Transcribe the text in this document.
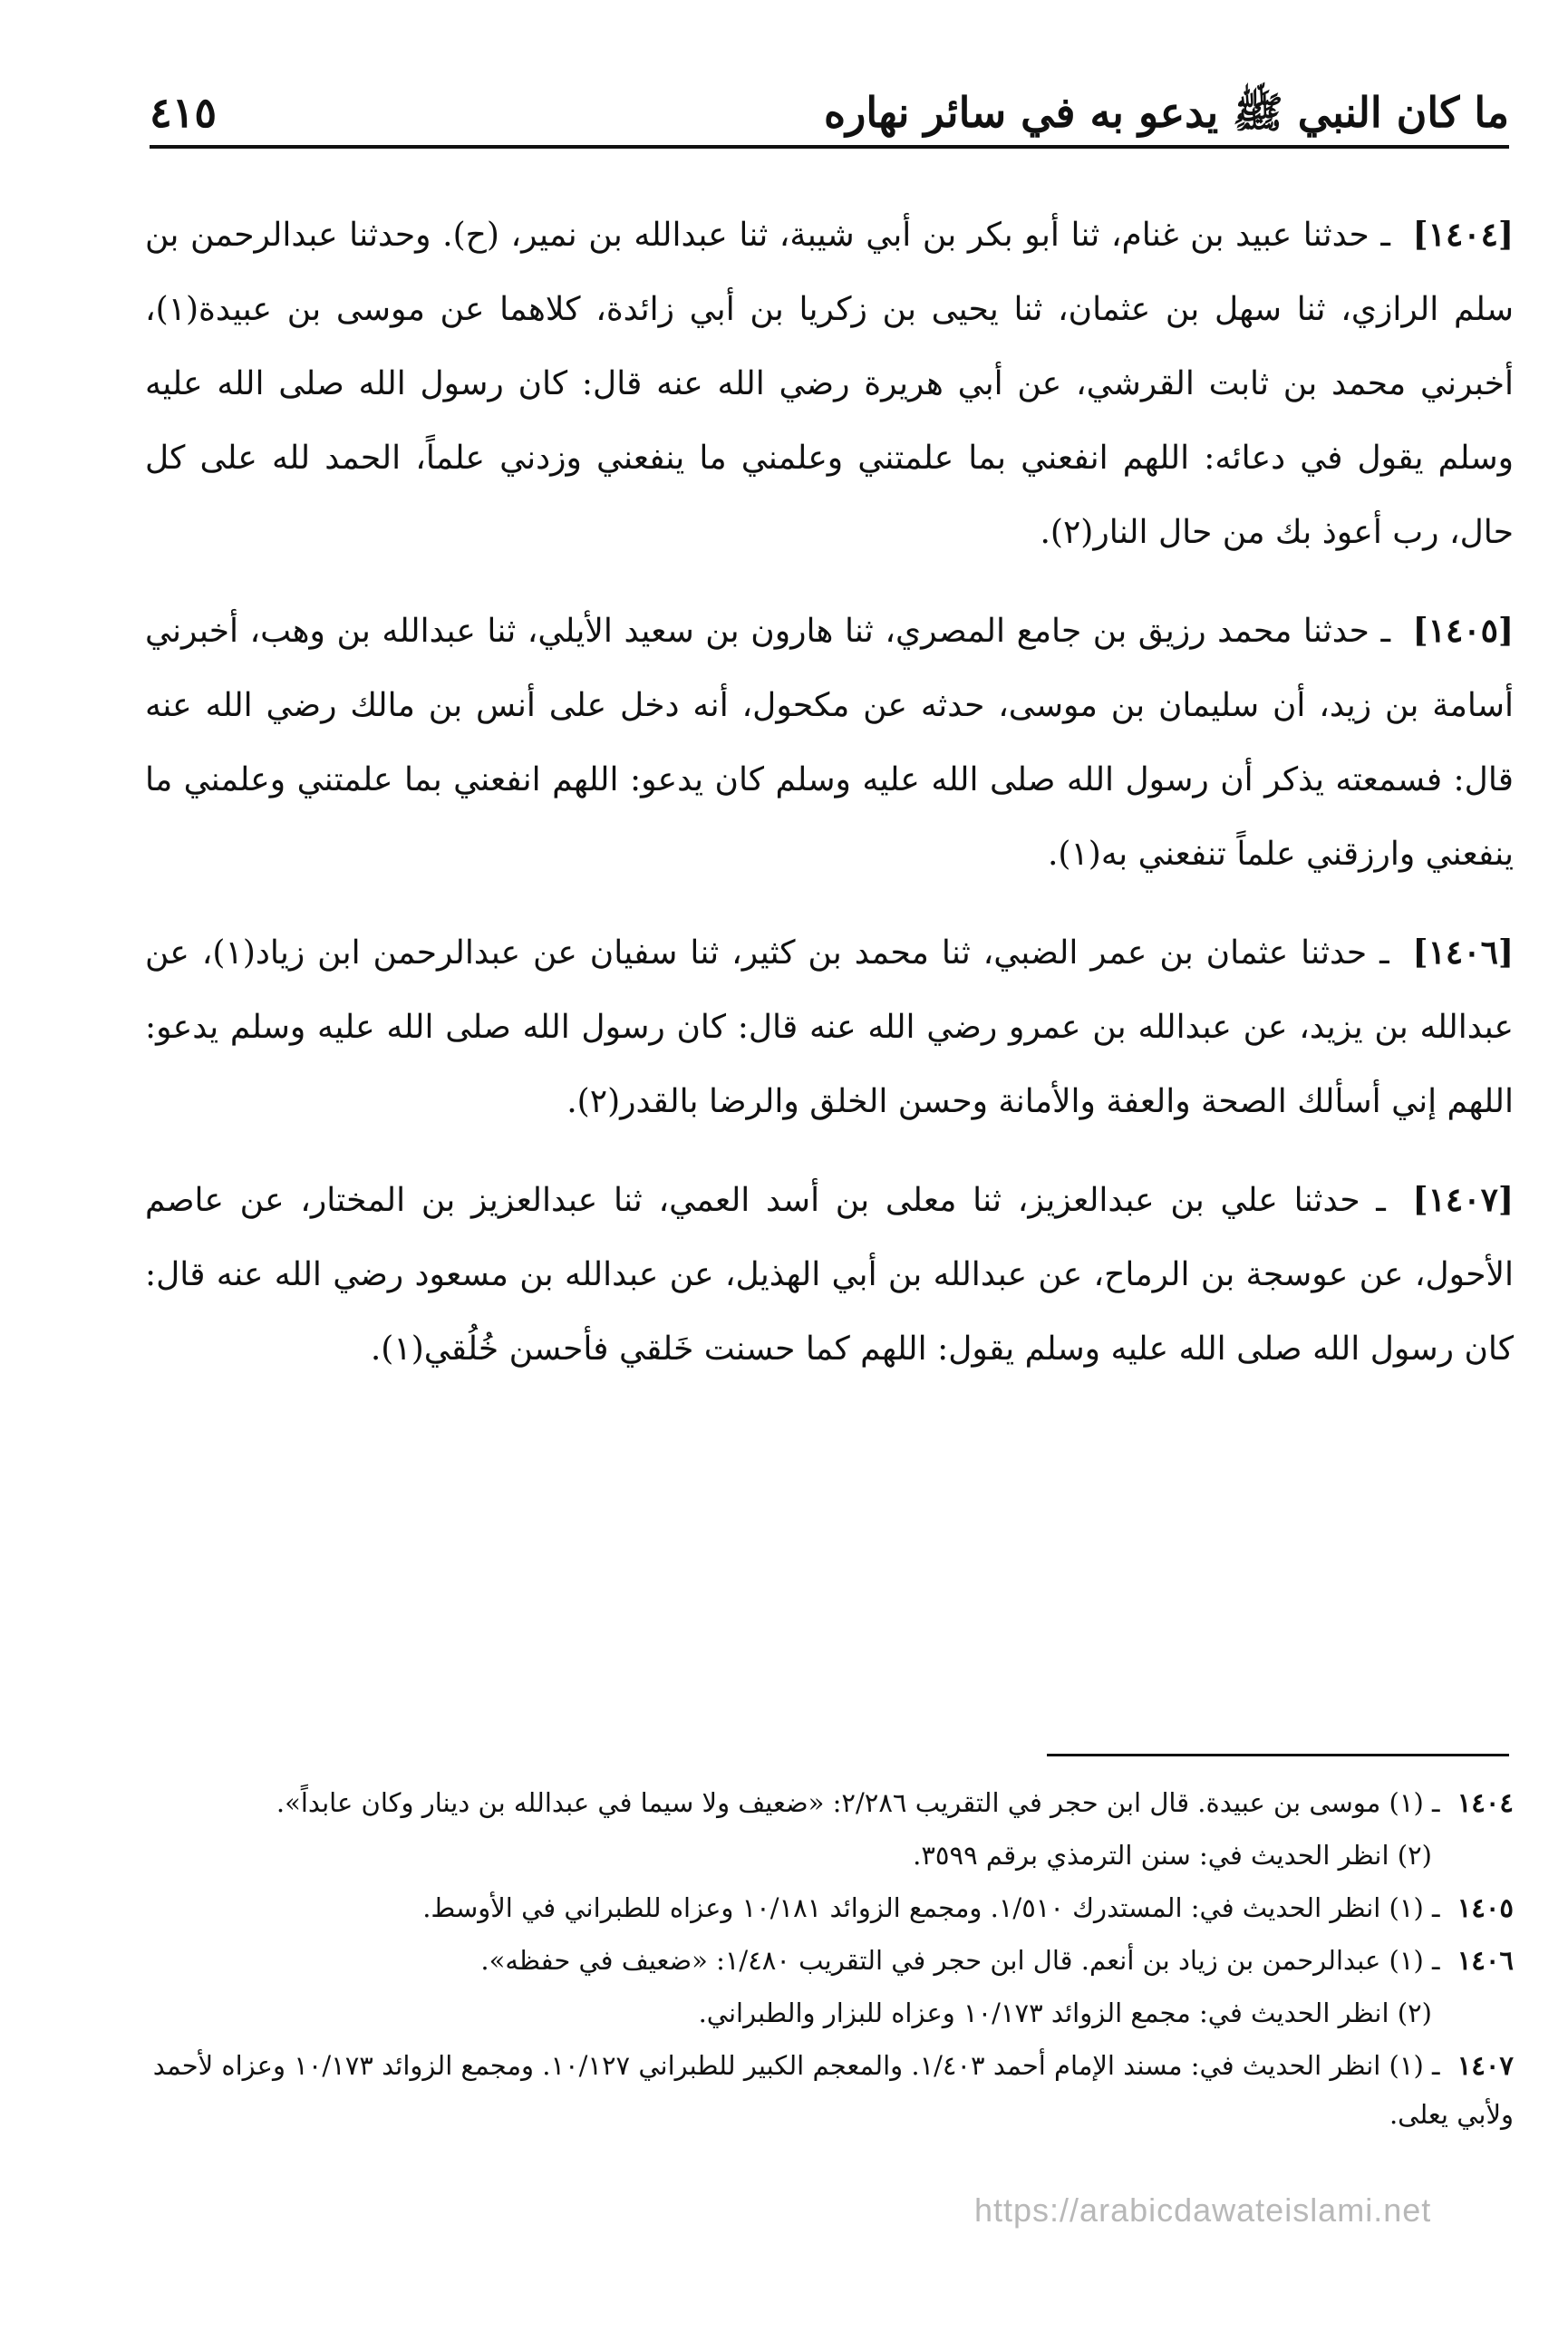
ما كان النبي ﷺ يدعو به في سائر نهاره
٤١٥

[١٤٠٤] ـ حدثنا عبيد بن غنام، ثنا أبو بكر بن أبي شيبة، ثنا عبدالله بن نمير، (ح). وحدثنا عبدالرحمن بن سلم الرازي، ثنا سهل بن عثمان، ثنا يحيى بن زكريا بن أبي زائدة، كلاهما عن موسى بن عبيدة(١)، أخبرني محمد بن ثابت القرشي، عن أبي هريرة رضي الله عنه قال: كان رسول الله صلى الله عليه وسلم يقول في دعائه: اللهم انفعني بما علمتني وعلمني ما ينفعني وزدني علماً، الحمد لله على كل حال، رب أعوذ بك من حال النار(٢).

[١٤٠٥] ـ حدثنا محمد رزيق بن جامع المصري، ثنا هارون بن سعيد الأيلي، ثنا عبدالله بن وهب، أخبرني أسامة بن زيد، أن سليمان بن موسى، حدثه عن مكحول، أنه دخل على أنس بن مالك رضي الله عنه قال: فسمعته يذكر أن رسول الله صلى الله عليه وسلم كان يدعو: اللهم انفعني بما علمتني وعلمني ما ينفعني وارزقني علماً تنفعني به(١).

[١٤٠٦] ـ حدثنا عثمان بن عمر الضبي، ثنا محمد بن كثير، ثنا سفيان عن عبدالرحمن ابن زياد(١)، عن عبدالله بن يزيد، عن عبدالله بن عمرو رضي الله عنه قال: كان رسول الله صلى الله عليه وسلم يدعو: اللهم إني أسألك الصحة والعفة والأمانة وحسن الخلق والرضا بالقدر(٢).

[١٤٠٧] ـ حدثنا علي بن عبدالعزيز، ثنا معلى بن أسد العمي، ثنا عبدالعزيز بن المختار، عن عاصم الأحول، عن عوسجة بن الرماح، عن عبدالله بن أبي الهذيل، عن عبدالله بن مسعود رضي الله عنه قال: كان رسول الله صلى الله عليه وسلم يقول: اللهم كما حسنت خَلقي فأحسن خُلُقي(١).

١٤٠٤ ـ (١) موسى بن عبيدة. قال ابن حجر في التقريب ٢/٢٨٦: «ضعيف ولا سيما في عبدالله بن دينار وكان عابداً».

(٢) انظر الحديث في: سنن الترمذي برقم ٣٥٩٩.

١٤٠٥ ـ (١) انظر الحديث في: المستدرك ١/٥١٠. ومجمع الزوائد ١٠/١٨١ وعزاه للطبراني في الأوسط.

١٤٠٦ ـ (١) عبدالرحمن بن زياد بن أنعم. قال ابن حجر في التقريب ١/٤٨٠: «ضعيف في حفظه».

(٢) انظر الحديث في: مجمع الزوائد ١٠/١٧٣ وعزاه للبزار والطبراني.

١٤٠٧ ـ (١) انظر الحديث في: مسند الإمام أحمد ١/٤٠٣. والمعجم الكبير للطبراني ١٠/١٢٧. ومجمع الزوائد ١٠/١٧٣ وعزاه لأحمد ولأبي يعلى.

https://arabicdawateislami.net
